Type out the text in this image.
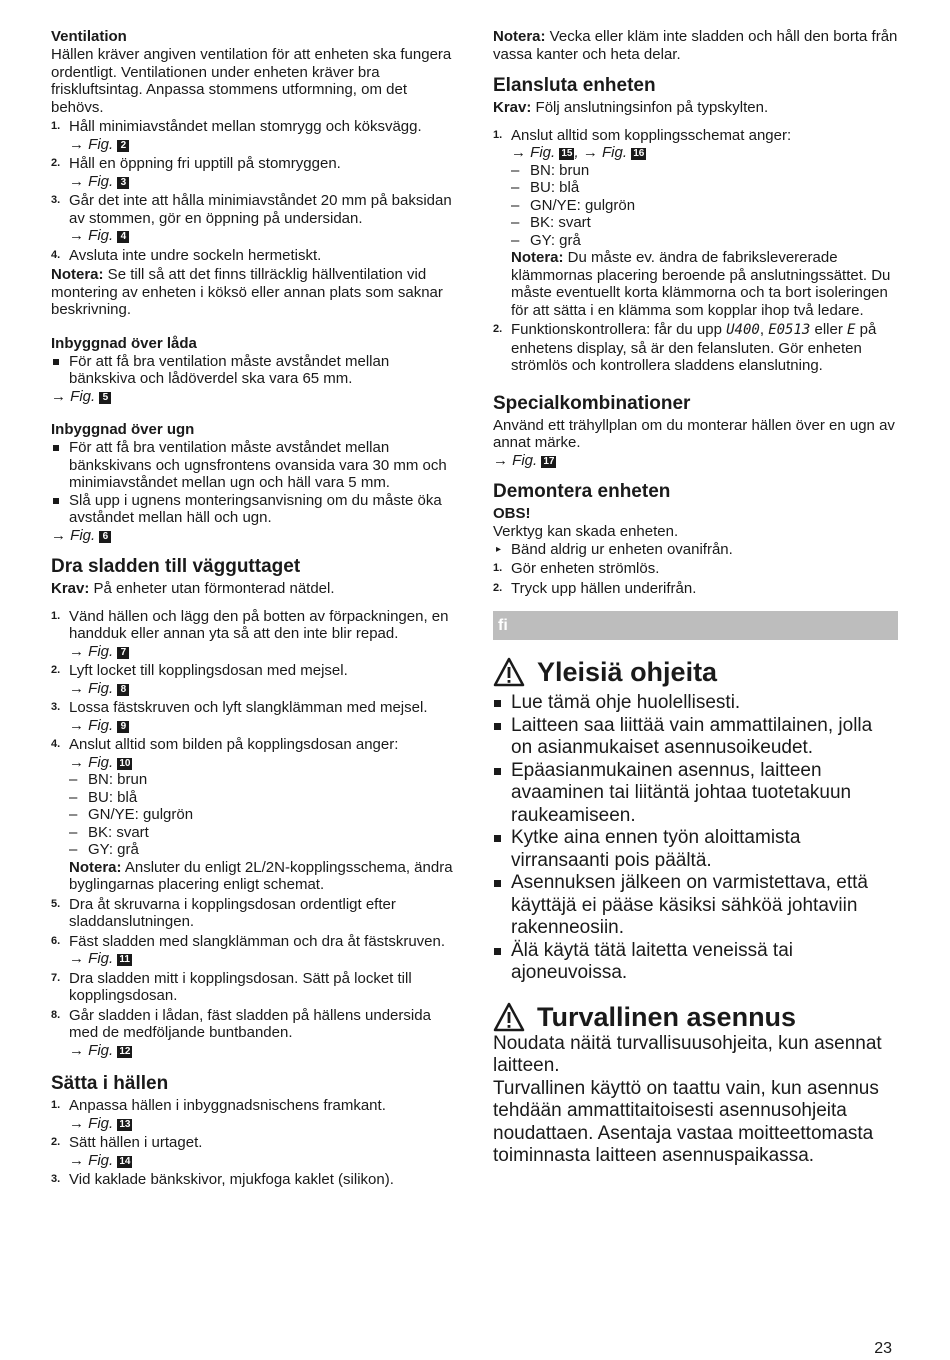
Ventilation

Hällen kräver angiven ventilation för att enheten ska fungera ordentligt. Ventilationen under enheten kräver bra friskluftsintag. Anpassa stommens utformning, om det behövs.

1. Håll minimiavståndet mellan stomrygg och köksvägg.
→ Fig. 2
2. Håll en öppning fri upptill på stomryggen.
→ Fig. 3
3. Går det inte att hålla minimiavståndet 20 mm på baksidan av stommen, gör en öppning på undersidan.
→ Fig. 4
4. Avsluta inte undre sockeln hermetiskt.

Notera: Se till så att det finns tillräcklig hällventilation vid montering av enheten i köksö eller annan plats som saknar beskrivning.

Inbyggnad över låda

För att få bra ventilation måste avståndet mellan bänkskiva och lådöverdel ska vara 65 mm.
→ Fig. 5

Inbyggnad över ugn

För att få bra ventilation måste avståndet mellan bänkskivans och ugnsfrontens ovansida vara 30 mm och minimiavståndet mellan ugn och häll vara 5 mm.
Slå upp i ugnens monteringsanvisning om du måste öka avståndet mellan häll och ugn.
→ Fig. 6

Dra sladden till vägguttaget

Krav: På enheter utan förmonterad nätdel.

1. Vänd hällen och lägg den på botten av förpackningen, en handduk eller annan yta så att den inte blir repad.
→ Fig. 7
2. Lyft locket till kopplingsdosan med mejsel.
→ Fig. 8
3. Lossa fästskruven och lyft slangklämman med mejsel.
→ Fig. 9
4. Anslut alltid som bilden på kopplingsdosan anger:
→ Fig. 10
– BN: brun
– BU: blå
– GN/YE: gulgrön
– BK: svart
– GY: grå
Notera: Ansluter du enligt 2L/2N-kopplingsschema, ändra byglingarnas placering enligt schemat.
5. Dra åt skruvarna i kopplingsdosan ordentligt efter sladdanslutningen.
6. Fäst sladden med slangklämman och dra åt fästskruven.
→ Fig. 11
7. Dra sladden mitt i kopplingsdosan. Sätt på locket till kopplingsdosan.
8. Går sladden i lådan, fäst sladden på hällens undersida med de medföljande buntbanden.
→ Fig. 12

Sätta i hällen

1. Anpassa hällen i inbyggnadsnischens framkant.
→ Fig. 13
2. Sätt hällen i urtaget.
→ Fig. 14
3. Vid kaklade bänkskivor, mjukfoga kaklet (silikon).

Notera: Vecka eller kläm inte sladden och håll den borta från vassa kanter och heta delar.

Elansluta enheten

Krav: Följ anslutningsinfon på typskylten.

1. Anslut alltid som kopplingsschemat anger:
→ Fig. 15 , → Fig. 16
– BN: brun
– BU: blå
– GN/YE: gulgrön
– BK: svart
– GY: grå
Notera: Du måste ev. ändra de fabrikslevererade klämmornas placering beroende på anslutningssättet. Du måste eventuellt korta klämmorna och ta bort isoleringen för att sätta i en klämma som kopplar ihop två ledare.
2. Funktionskontrollera: får du upp U400, E0513 eller E på enhetens display, så är den felansluten. Gör enheten strömlös och kontrollera sladdens elanslutning.

Specialkombinationer

Använd ett trähyllplan om du monterar hällen över en ugn av annat märke.

→ Fig. 17

Demontera enheten

OBS!

Verktyg kan skada enheten.

▸ Bänd aldrig ur enheten ovanifrån.
1. Gör enheten strömlös.
2. Tryck upp hällen underifrån.
fi
Yleisiä ohjeita
Lue tämä ohje huolellisesti.
Laitteen saa liittää vain ammattilainen, jolla on asianmukaiset asennusoikeudet.
Epäasianmukainen asennus, laitteen avaaminen tai liitäntä johtaa tuotetakuun raukeamiseen.
Kytke aina ennen työn aloittamista virransaanti pois päältä.
Asennuksen jälkeen on varmistettava, että käyttäjä ei pääse käsiksi sähköä johtaviin rakenneosiin.
Älä käytä tätä laitetta veneissä tai ajoneuvoissa.
Turvallinen asennus

Noudata näitä turvallisuusohjeita, kun asennat laitteen.

Turvallinen käyttö on taattu vain, kun asennus tehdään ammattitaitoisesti asennusohjeita noudattaen. Asentaja vastaa moitteettomasta toiminnasta laitteen asennuspaikassa.

23
